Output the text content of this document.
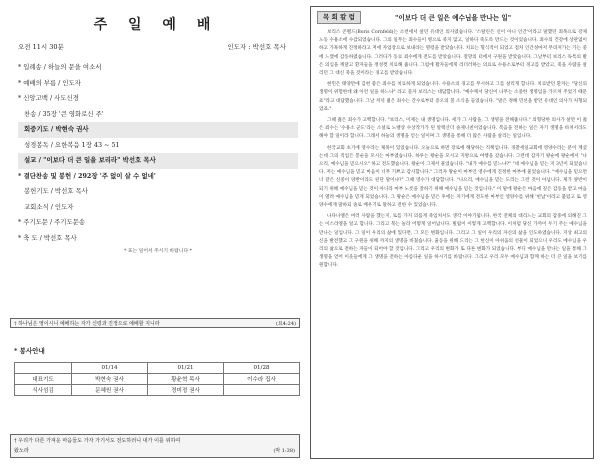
주 일 예 배
오전 11시 30분	인도자 : 박선호 목사
* 입례송 / 하늘의 문을 여소서
* 예배의 부름 / 인도자
* 신앙고백 / 사도신경
찬송 / 35장 '큰 영화로신 주'
회중기도 / 박현숙 권사
성경봉독 / 요한복음 1장 43 ~ 51
설교 / "이보다 더 큰 일을 보리라" 박선호 목사
* 결단찬송 및 봉헌 / 292장 '주 없이 살 수 없네'
봉헌기도 / 박선호 목사
교회소식 / 인도자
* 주기도문 / 주기도문송
* 축 도 / 박선호 목사
* 표는 일어서 주시기 바랍니다 *
† 하나님은 영이시니 예배하는 자가 신령과 진정으로 예배할 지니라	(요4:24)
* 봉사안내
	01/14	01/21	01/28
대표기도	박현숙 권사	황윤혁 목사	이수라 집사
식사섬김	문혜원 권사	정미정 권사	
† 우리가 다른 가져운 마음들도 가자 가기서도 전도하러니 내가 이를 위하여
왔노라	(막 1:38)
목 회 칼 럼	"이보다 더 큰 일은 예수님을 만나는 일"

보리스 콘펠드(Boris Cornfeld)는 소련에서 살던 유대인 의사였습니다. '스탈린은 신이 아니 인간'이라고 말했던 죄목으로 강제 노동 수용소에 수감되었습니다. 그의 일무는 죄수들이 병으로 죽지 않고, 일하다 죽도록 만드는 것이었습니다. 죄수의 건강에 상관없이 하고 가혹하게 진정하라고 저에 자업장으로 보내라는 명령을 받았습니다. 치료는 형식적이 되었고 점차 인간성마저 무뎌져가는 가는 중에 느꼈에 감동하였습니다. 그러다가 동료 죄수에게 전도를 받았습니다. 절망의 터에서 구원을 받았습니다. 그날부터 보리스 독특의 발은 의심을 깨달고 환자들을 정성껏 치료해 줍니다. 그럼에 활자들에게 리더러하는 의료로 수용소로부터 경고를 받았고, 죽을 사람을 살리던 그 대신 죽을 것이라는 경고를 받았습니다.

현민은 태양만에 김현 좋은 죄수를 치료하게 되었습니다. 수용소의 경고를 무시하고 그를 살리게 합니다. 치료받던 환자는 "당신의 생명이 위험한데 왜 이런 일을 하느냐" 라고 묻자 보리스는 대답합니다. "예수께서 당신이 나무는 소중한 생명임을 가르쳐 주었기 때문죠"라고 대답했습니다. 그날 저녁 젊은 죄수는 간수로부터 증오의 칠 소식을 들었습니다. "말은 정해 민선을 받던 유대인 의사가 처형되었죠."

그때 젊은 죄수가 고백합니다. "보리스, 이제는 내 생명입니다. 세가 그 사람을, 그 생명을 전해줍니다." 의형당한 의사가 살만 이 젊은 죄수는 '수용소 군도'라는 소설로 노벨상 수상작가가 된 알렉산더 솔제니친이었습니다. 복음을 전하는 일은 자기 생명을 바쳐서라도 해야 할 일이라 합니다. 그래서 하늘의 생명을 얻는 일이며 그 생명을 통해 더 많은 사람을 살리는 일입니다.

한국교회 초기에 영수라는 제목이 있었습니다. 오늘으로 하면 장로에 해당하는 직책입니다. 경찰세일교회에 영양수라는 분이 계셨는데 그의 직업은 봉순을 모시는 마부였습니다. 하루는 왕순을 모시고 지방으로 여행을 갔습니다. 그런데 갑자기 왕순에 왕순에서 "나으리, 예수님을 믿으시오" 하고 전도했습니다. 왕순이 그제서 물었습니다. "내가 예수를 믿느냐?" "네 예수님을 믿는 지 3년이 되었습니다. 저는 예수님을 믿고 마음이 너무 기쁘고 감사합니다." 그러자 왕순이 마부인 영수에게 진정한 마부에 물었습니다. "예수님을 믿으면 너 같은 신중이 양반이라도 된단 말이냐?" 그때 영수가 대답합니다. "나으리, 예수님을 믿는 도리는 그런 것이 아닙니다. 제가 양반이 되기 위해 예수님을 믿는 것이 아니라 마부 노릇을 잘하기 위해 예수님을 믿는 것입니다." 이 말에 왕순은 마음에 깊은 감동을 받고 마음이 열려 예수님을 믿게 되었습니다. 그 왕순은 예수님을 믿은 후에는 자기에게 전도한 마부인 영양수를 위해 '헌납'이라고 불렀고 또 영양수에게 말하되 솔로 배우기로 말하고 전한 수 있었습니다.

나다나엘은 여러 사람을 했는지, 토를 가지 의롭게 죽임쳐서도 생각 이야기됩니다. 한국 전체의 대리느는 교회의 갑중에 의해진 그는 이스라엘을 알고 합니다. 그리고 북는 놀라 어떻게 일어납니다. 빌립이 이렇게 고백합니다. 이처럼 당신 가까이 두기 주는 예수님을 만나는 일입니다. 그 일이 우리의 삶에 있다면, 그 모든 변화입니다. 그리고 그 일이 우리의 자신의 삶을 인도하였습니다. 지상 최고의 신을 발견했고 그 구원을 위해 까지의 생명을 바쳤습니다. 율동을 위해 드리는 그 헌신이 아쉬움의 선물이 되었으니 우리도 예수님을 우리의 삶으로 전하는 자들이 되어야 할 것입니다. 그리고 우리의 변화가 또 다른 변화가 되었습니다. 부디 예수님을 만나는 일을 통해 그 생명을 얻어 이웃들에게 그 생명을 전하는 아름다운 일을 하시기를 바랍니다. 그리고 우리 모두 예수님과 함께 하는 더 큰 일을 보기를 원합니다.
